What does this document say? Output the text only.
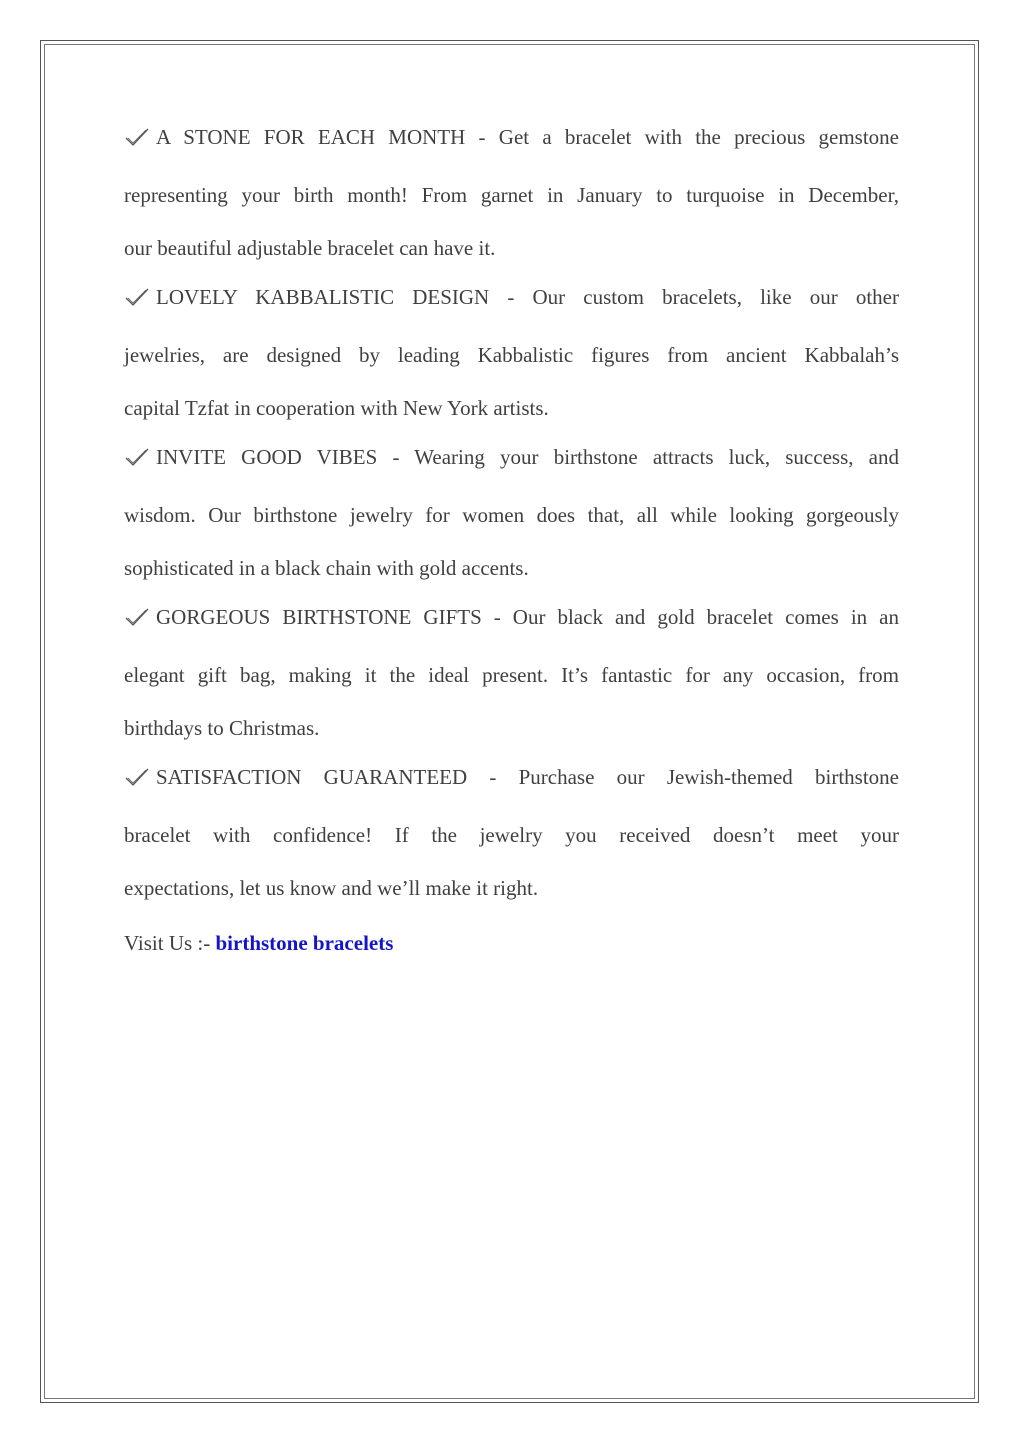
A STONE FOR EACH MONTH - Get a bracelet with the precious gemstone
representing your birth month! From garnet in January to turquoise in December,
our beautiful adjustable bracelet can have it.
LOVELY KABBALISTIC DESIGN - Our custom bracelets, like our other
jewelries, are designed by leading Kabbalistic figures from ancient Kabbalah’s
capital Tzfat in cooperation with New York artists.
INVITE GOOD VIBES - Wearing your birthstone attracts luck, success, and
wisdom. Our birthstone jewelry for women does that, all while looking gorgeously
sophisticated in a black chain with gold accents.
GORGEOUS BIRTHSTONE GIFTS - Our black and gold bracelet comes in an
elegant gift bag, making it the ideal present. It’s fantastic for any occasion, from
birthdays to Christmas.
SATISFACTION GUARANTEED - Purchase our Jewish-themed birthstone
bracelet with confidence! If the jewelry you received doesn’t meet your
expectations, let us know and we’ll make it right.
Visit Us :- birthstone bracelets
